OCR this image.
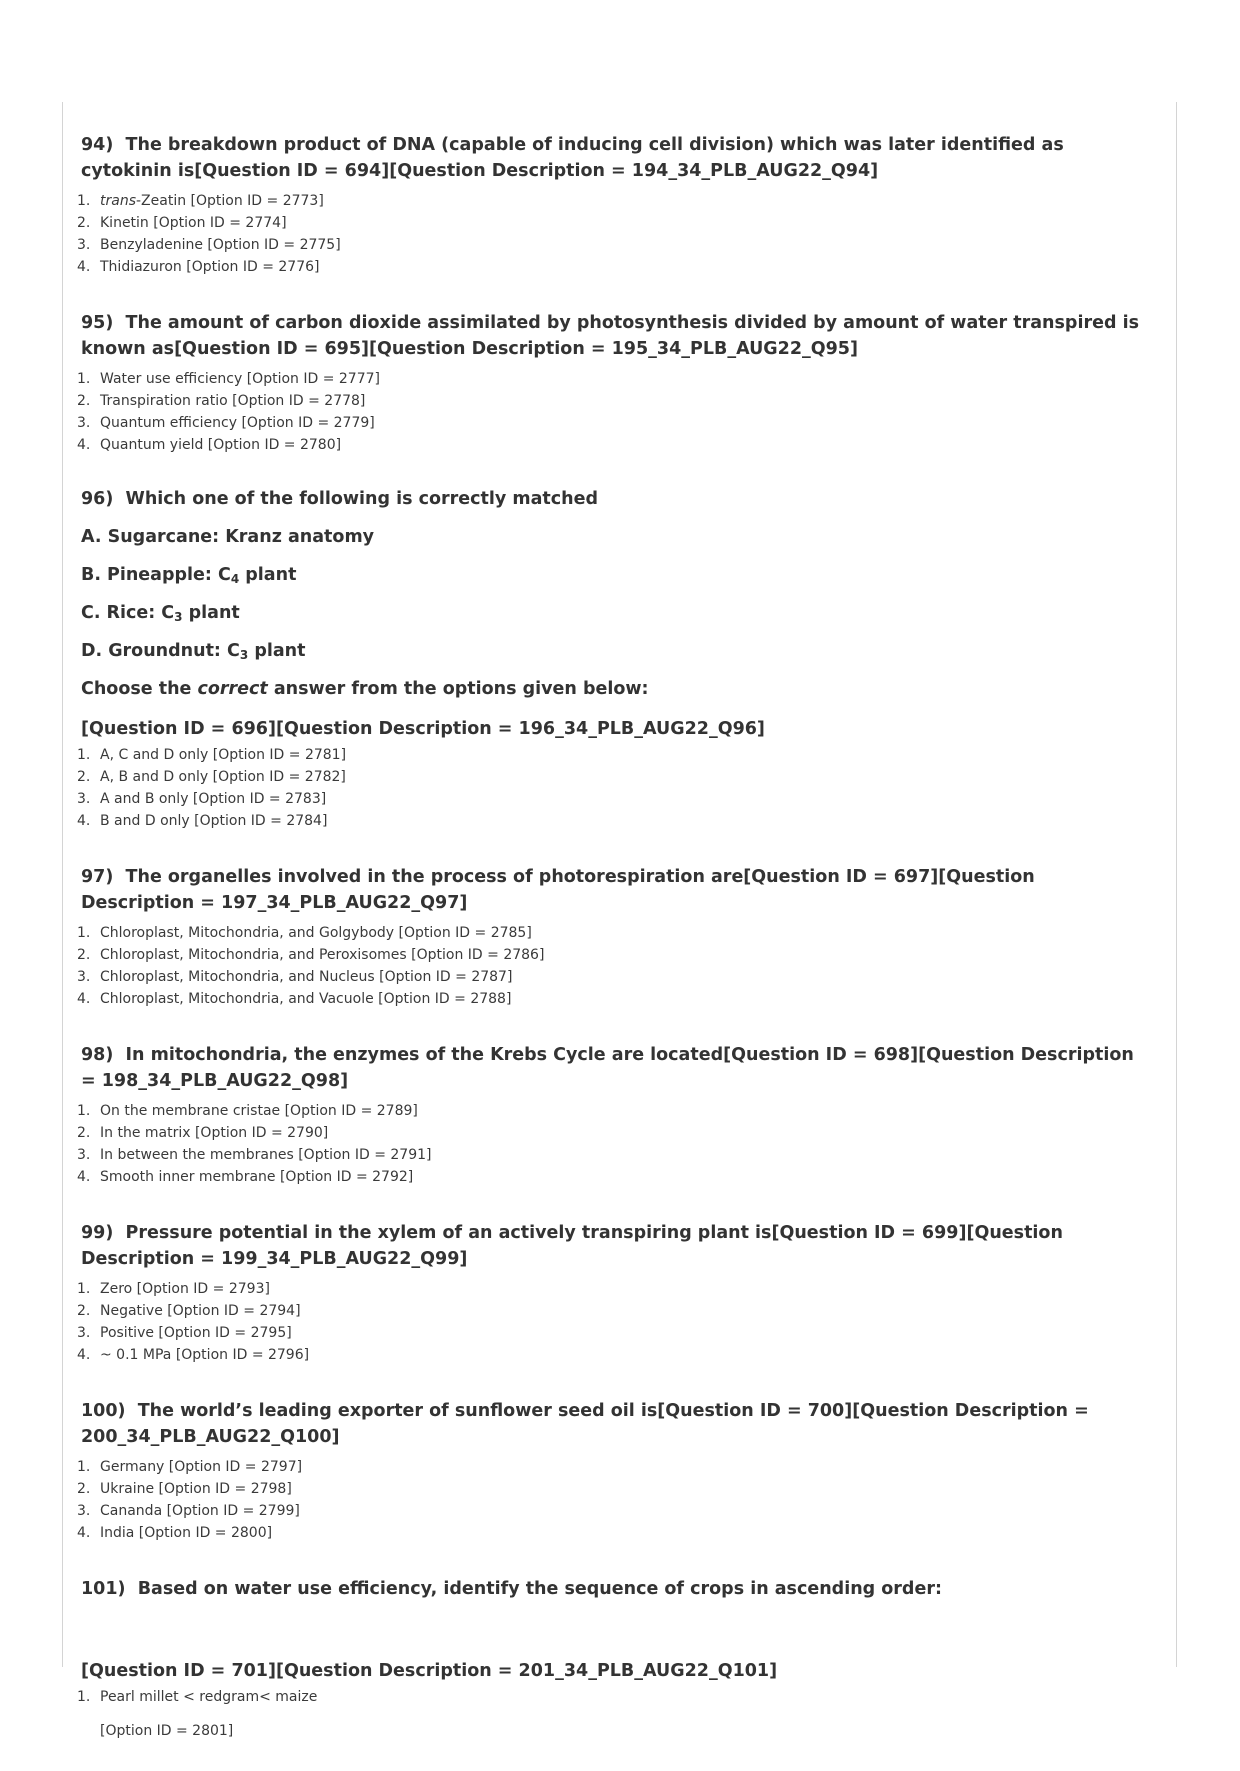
94) The breakdown product of DNA (capable of inducing cell division) which was later identified as cytokinin is[Question ID = 694][Question Description = 194_34_PLB_AUG22_Q94]

1. trans-Zeatin [Option ID = 2773]
2. Kinetin [Option ID = 2774]
3. Benzyladenine [Option ID = 2775]
4. Thidiazuron [Option ID = 2776]

95) The amount of carbon dioxide assimilated by photosynthesis divided by amount of water transpired is known as[Question ID = 695][Question Description = 195_34_PLB_AUG22_Q95]

1. Water use efficiency [Option ID = 2777]
2. Transpiration ratio [Option ID = 2778]
3. Quantum efficiency [Option ID = 2779]
4. Quantum yield [Option ID = 2780]

96) Which one of the following is correctly matched

A. Sugarcane: Kranz anatomy

B. Pineapple: $C_4$ plant

C. Rice: $C_3$ plant

D. Groundnut: $C_3$ plant

Choose the correct answer from the options given below:

[Question ID = 696][Question Description = 196_34_PLB_AUG22_Q96]

1. A, C and D only [Option ID = 2781]
2. A, B and D only [Option ID = 2782]
3. A and B only [Option ID = 2783]
4. B and D only [Option ID = 2784]

97) The organelles involved in the process of photorespiration are[Question ID = 697][Question Description = 197_34_PLB_AUG22_Q97]

1. Chloroplast, Mitochondria, and Golgybody [Option ID = 2785]
2. Chloroplast, Mitochondria, and Peroxisomes [Option ID = 2786]
3. Chloroplast, Mitochondria, and Nucleus [Option ID = 2787]
4. Chloroplast, Mitochondria, and Vacuole [Option ID = 2788]

98) In mitochondria, the enzymes of the Krebs Cycle are located[Question ID = 698][Question Description = 198_34_PLB_AUG22_Q98]

1. On the membrane cristae [Option ID = 2789]
2. In the matrix [Option ID = 2790]
3. In between the membranes [Option ID = 2791]
4. Smooth inner membrane [Option ID = 2792]

99) Pressure potential in the xylem of an actively transpiring plant is[Question ID = 699][Question Description = 199_34_PLB_AUG22_Q99]

1. Zero [Option ID = 2793]
2. Negative [Option ID = 2794]
3. Positive [Option ID = 2795]
4. ~ 0.1 MPa [Option ID = 2796]

100) The world’s leading exporter of sunflower seed oil is[Question ID = 700][Question Description = 200_34_PLB_AUG22_Q100]

1. Germany [Option ID = 2797]
2. Ukraine [Option ID = 2798]
3. Cananda [Option ID = 2799]
4. India [Option ID = 2800]

101) Based on water use efficiency, identify the sequence of crops in ascending order:

[Question ID = 701][Question Description = 201_34_PLB_AUG22_Q101]

1. Pearl millet < redgram< maize
[Option ID = 2801]
